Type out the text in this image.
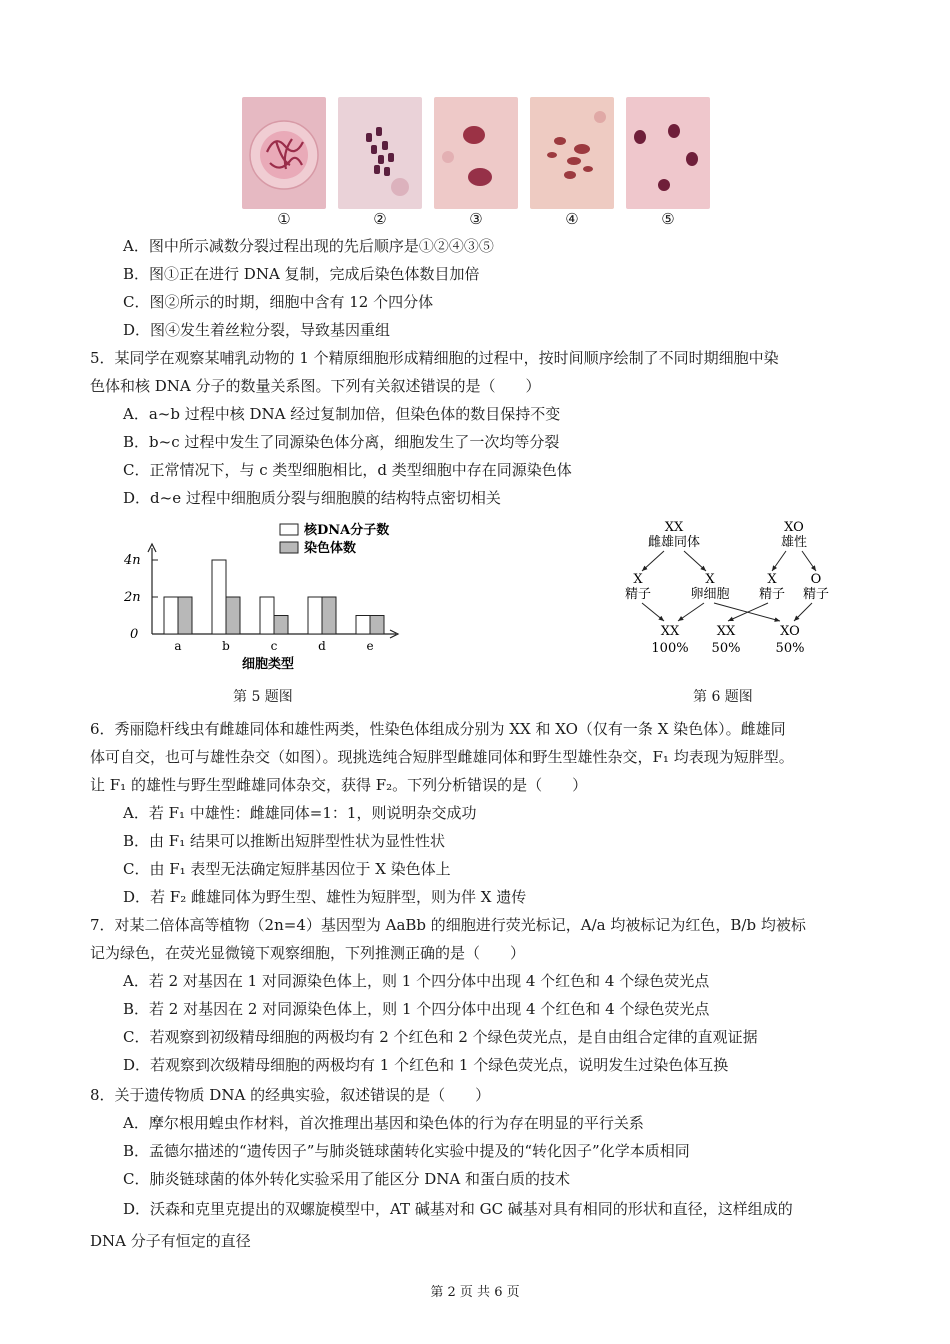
①	②	③	④	⑤
A．图中所示减数分裂过程出现的先后顺序是①②④③⑤
B．图①正在进行 DNA 复制，完成后染色体数目加倍
C．图②所示的时期，细胞中含有 12 个四分体
D．图④发生着丝粒分裂，导致基因重组
5．某同学在观察某哺乳动物的 1 个精原细胞形成精细胞的过程中，按时间顺序绘制了不同时期细胞中染
色体和核 DNA 分子的数量关系图。下列有关叙述错误的是（　　）
A．a~b 过程中核 DNA 经过复制加倍，但染色体的数目保持不变
B．b~c 过程中发生了同源染色体分离，细胞发生了一次均等分裂
C．正常情况下，与 c 类型细胞相比，d 类型细胞中存在同源染色体
D．d~e 过程中细胞质分裂与细胞膜的结构特点密切相关
核DNA分子数
染色体数
4n
2n
0
a	b	c	d	e
细胞类型
第 5 题图
XX
雌雄同体
XO
雄性
X
精子
X
卵细胞
X
精子
O
精子
XX
100%
XX
50%
XO
50%
第 6 题图
6．秀丽隐杆线虫有雌雄同体和雄性两类，性染色体组成分别为 XX 和 XO（仅有一条 X 染色体）。雌雄同
体可自交，也可与雄性杂交（如图）。现挑选纯合短胖型雌雄同体和野生型雄性杂交，F₁ 均表现为短胖型。
让 F₁ 的雄性与野生型雌雄同体杂交，获得 F₂。下列分析错误的是（　　）
A．若 F₁ 中雄性：雌雄同体=1：1，则说明杂交成功
B．由 F₁ 结果可以推断出短胖型性状为显性性状
C．由 F₁ 表型无法确定短胖基因位于 X 染色体上
D．若 F₂ 雌雄同体为野生型、雄性为短胖型，则为伴 X 遗传
7．对某二倍体高等植物（2n=4）基因型为 AaBb 的细胞进行荧光标记，A/a 均被标记为红色，B/b 均被标
记为绿色，在荧光显微镜下观察细胞，下列推测正确的是（　　）
A．若 2 对基因在 1 对同源染色体上，则 1 个四分体中出现 4 个红色和 4 个绿色荧光点
B．若 2 对基因在 2 对同源染色体上，则 1 个四分体中出现 4 个红色和 4 个绿色荧光点
C．若观察到初级精母细胞的两极均有 2 个红色和 2 个绿色荧光点，是自由组合定律的直观证据
D．若观察到次级精母细胞的两极均有 1 个红色和 1 个绿色荧光点，说明发生过染色体互换
8．关于遗传物质 DNA 的经典实验，叙述错误的是（　　）
A．摩尔根用蝗虫作材料，首次推理出基因和染色体的行为存在明显的平行关系
B．孟德尔描述的“遗传因子”与肺炎链球菌转化实验中提及的“转化因子”化学本质相同
C．肺炎链球菌的体外转化实验采用了能区分 DNA 和蛋白质的技术
D．沃森和克里克提出的双螺旋模型中，AT 碱基对和 GC 碱基对具有相同的形状和直径，这样组成的
DNA 分子有恒定的直径
第 2 页 共 6 页
